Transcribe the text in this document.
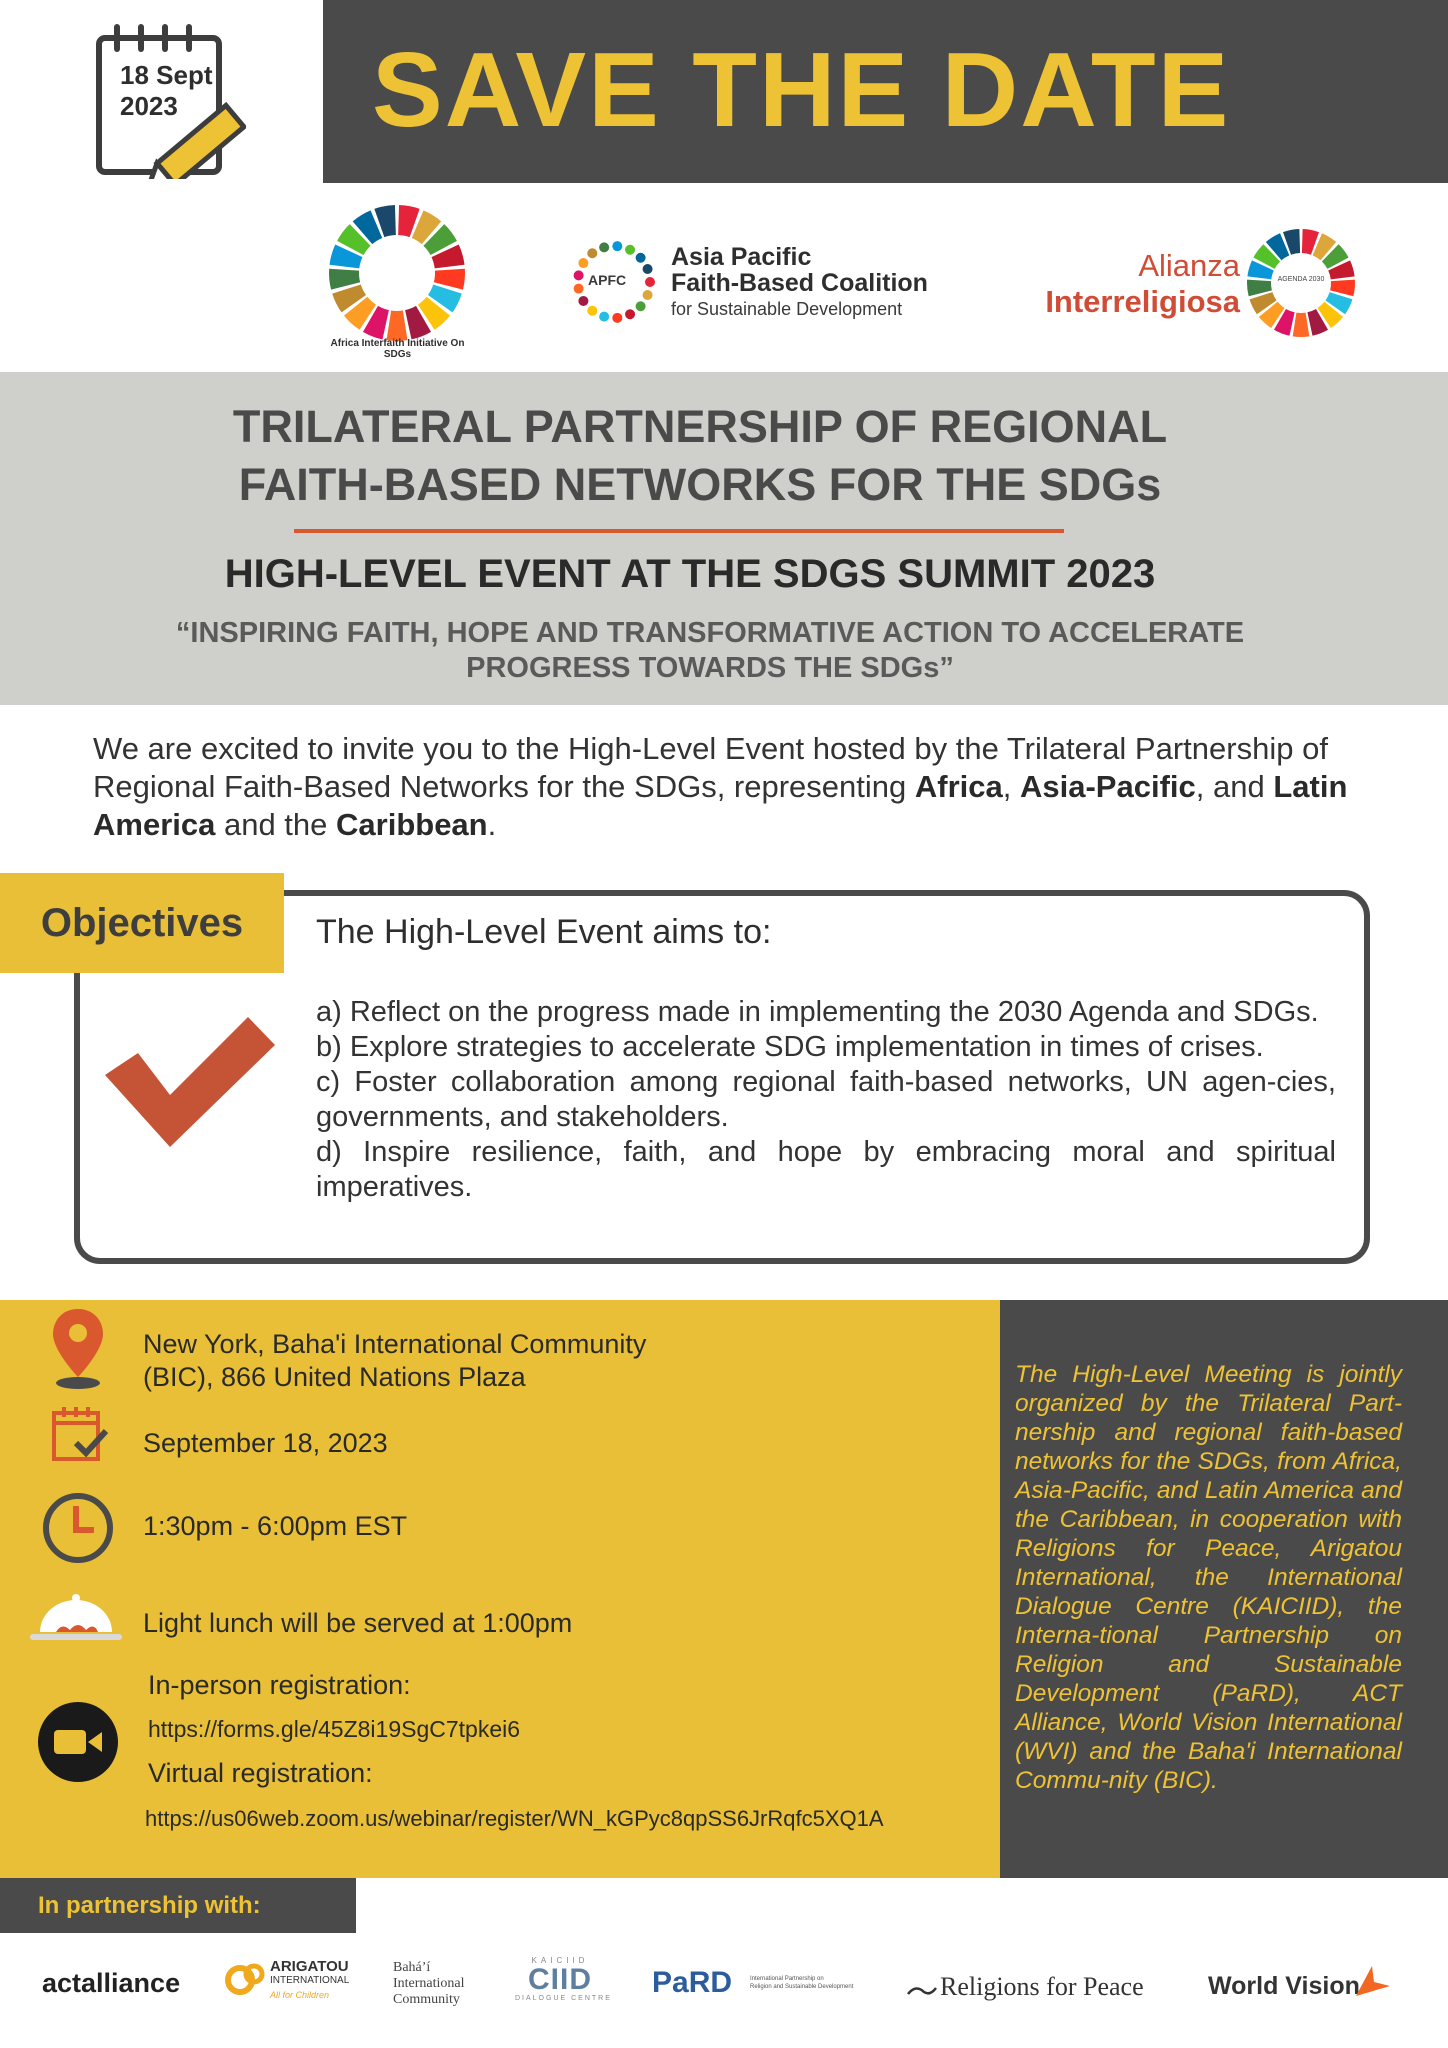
SAVE THE DATE
18 Sept
2023
Africa Interfaith Initiative On SDGs
APFC
Asia Pacific
Faith-Based Coalition
for Sustainable Development
Alianza
Interreligiosa
AGENDA 2030
TRILATERAL PARTNERSHIP OF REGIONAL
FAITH-BASED NETWORKS FOR THE SDGs
HIGH-LEVEL EVENT AT THE SDGS SUMMIT 2023
“INSPIRING FAITH, HOPE AND TRANSFORMATIVE ACTION TO ACCELERATE
PROGRESS TOWARDS THE SDGs”
We are excited to invite you to the High-Level Event hosted by the Trilateral Partnership of Regional Faith-Based Networks for the SDGs, representing Africa, Asia-Pacific, and Latin America and the Caribbean.
Objectives	The High-Level Event aims to:
a) Reflect on the progress made in implementing the 2030 Agenda and SDGs.
b) Explore strategies to accelerate SDG implementation in times of crises.
c) Foster collaboration among regional faith-based networks, UN agen-cies, governments, and stakeholders.
d) Inspire resilience, faith, and hope by embracing moral and spiritual imperatives.
The High-Level Meeting is jointly organized by the Trilateral Part-nership and regional faith-based networks for the SDGs, from Africa, Asia-Pacific, and Latin America and the Caribbean, in cooperation with Religions for Peace, Arigatou International, the International Dialogue Centre (KAICIID), the Interna-tional Partnership on Religion and Sustainable Development (PaRD), ACT Alliance, World Vision International (WVI) and the Baha'i International Commu-nity (BIC).
New York, Baha'i International Community
(BIC), 866 United Nations Plaza
September 18, 2023
1:30pm - 6:00pm EST
Light lunch will be served at 1:00pm
In-person registration:
https://forms.gle/45Z8i19SgC7tpkei6
Virtual registration:
https://us06web.zoom.us/webinar/register/WN_kGPyc8qpSS6JrRqfc5XQ1A
In partnership with:
actalliance
ARIGATOU
INTERNATIONAL
All for Children
Bahá’í
International
Community
KAICIID
CIID
DIALOGUE CENTRE PaRD	International Partnership on
Religion and Sustainable Development	Religions for Peace	World Vision
